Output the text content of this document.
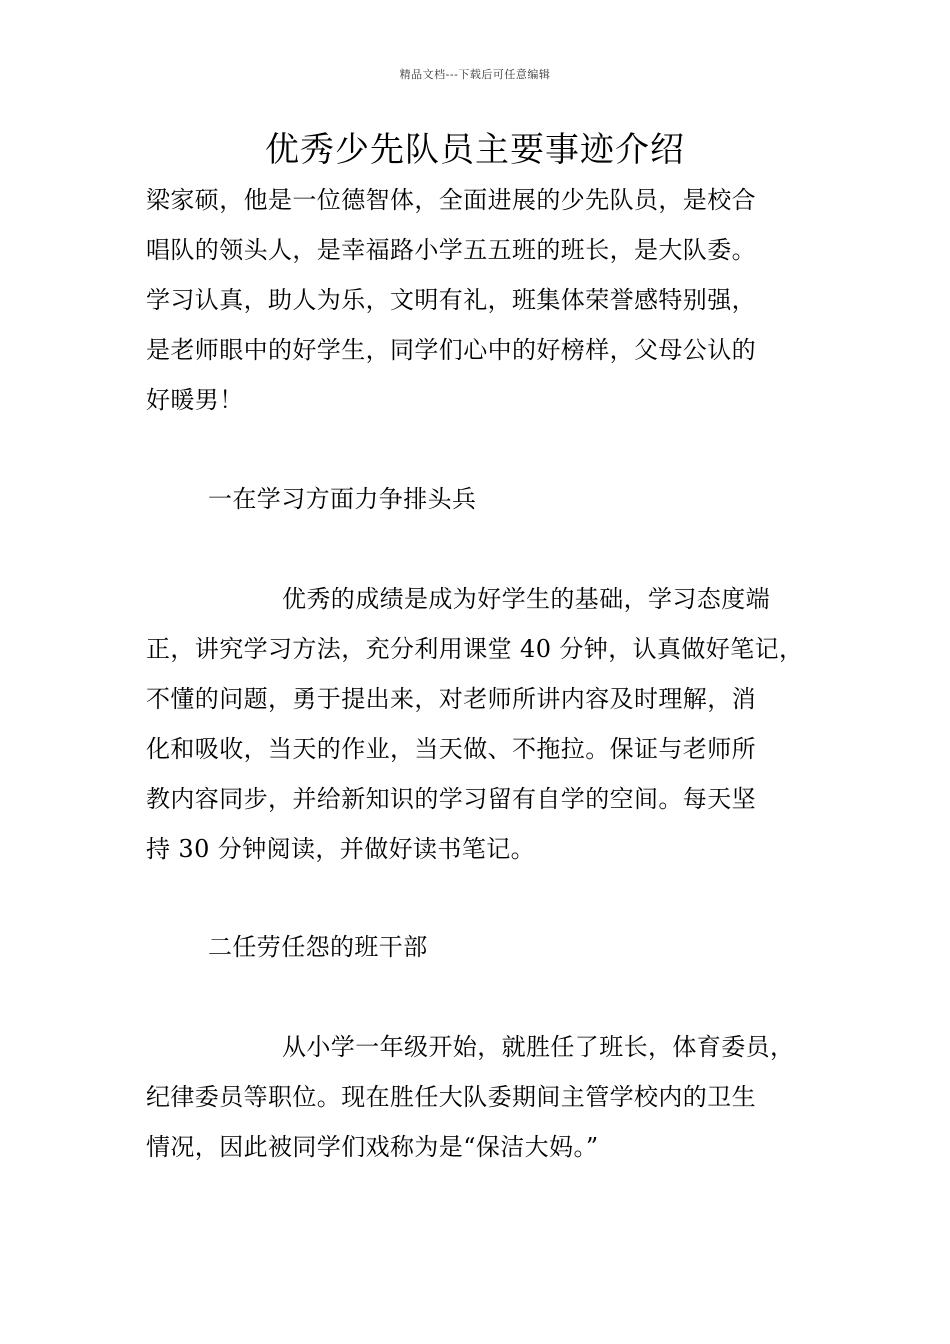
精品文档---下载后可任意编辑
优秀少先队员主要事迹介绍
梁家硕，他是一位德智体，全面进展的少先队员，是校合
唱队的领头人，是幸福路小学五五班的班长，是大队委。
学习认真，助人为乐，文明有礼，班集体荣誉感特别强，
是老师眼中的好学生，同学们心中的好榜样，父母公认的
好暖男！
一在学习方面力争排头兵
优秀的成绩是成为好学生的基础，学习态度端
正，讲究学习方法，充分利用课堂 40 分钟，认真做好笔记，
不懂的问题，勇于提出来，对老师所讲内容及时理解，消
化和吸收，当天的作业，当天做、不拖拉。保证与老师所
教内容同步，并给新知识的学习留有自学的空间。每天坚
持 30 分钟阅读，并做好读书笔记。
二任劳任怨的班干部
从小学一年级开始，就胜任了班长，体育委员，
纪律委员等职位。现在胜任大队委期间主管学校内的卫生
情况，因此被同学们戏称为是“保洁大妈。”
